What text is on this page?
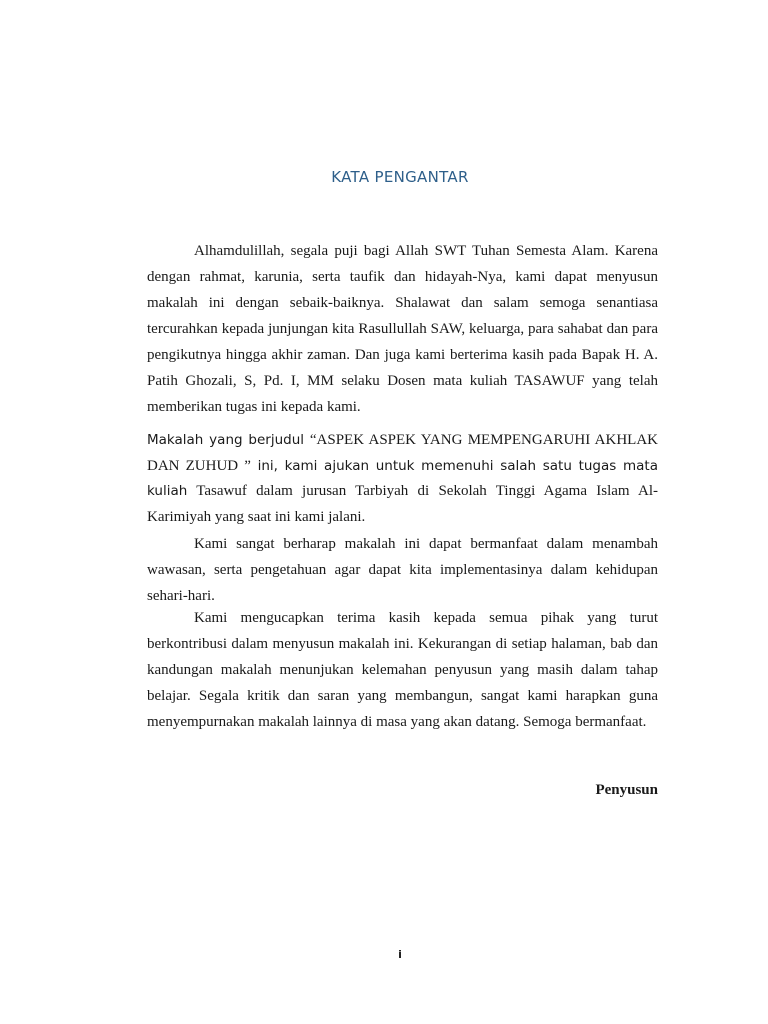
KATA PENGANTAR

Alhamdulillah, segala puji bagi Allah SWT Tuhan Semesta Alam. Karena dengan rahmat, karunia, serta taufik dan hidayah-Nya, kami dapat menyusun makalah ini dengan sebaik-baiknya. Shalawat dan salam semoga senantiasa tercurahkan kepada junjungan kita Rasullullah SAW, keluarga, para sahabat dan para pengikutnya hingga akhir zaman. Dan juga kami berterima kasih pada Bapak H. A. Patih Ghozali, S, Pd. I, MM selaku Dosen mata kuliah TASAWUF yang telah memberikan tugas ini kepada kami.

Makalah yang berjudul “ASPEK ASPEK YANG MEMPENGARUHI AKHLAK DAN ZUHUD ” ini, kami ajukan untuk memenuhi salah satu tugas mata kuliah Tasawuf dalam jurusan Tarbiyah di Sekolah Tinggi Agama Islam Al-Karimiyah yang saat ini kami jalani.

Kami sangat berharap makalah ini dapat bermanfaat dalam menambah wawasan, serta pengetahuan agar dapat kita implementasinya dalam kehidupan sehari-hari.

Kami mengucapkan terima kasih kepada semua pihak yang turut berkontribusi dalam menyusun makalah ini. Kekurangan di setiap halaman, bab dan kandungan makalah menunjukan kelemahan penyusun yang masih dalam tahap belajar. Segala kritik dan saran yang membangun, sangat kami harapkan guna menyempurnakan makalah lainnya di masa yang akan datang. Semoga bermanfaat.

Penyusun
i
